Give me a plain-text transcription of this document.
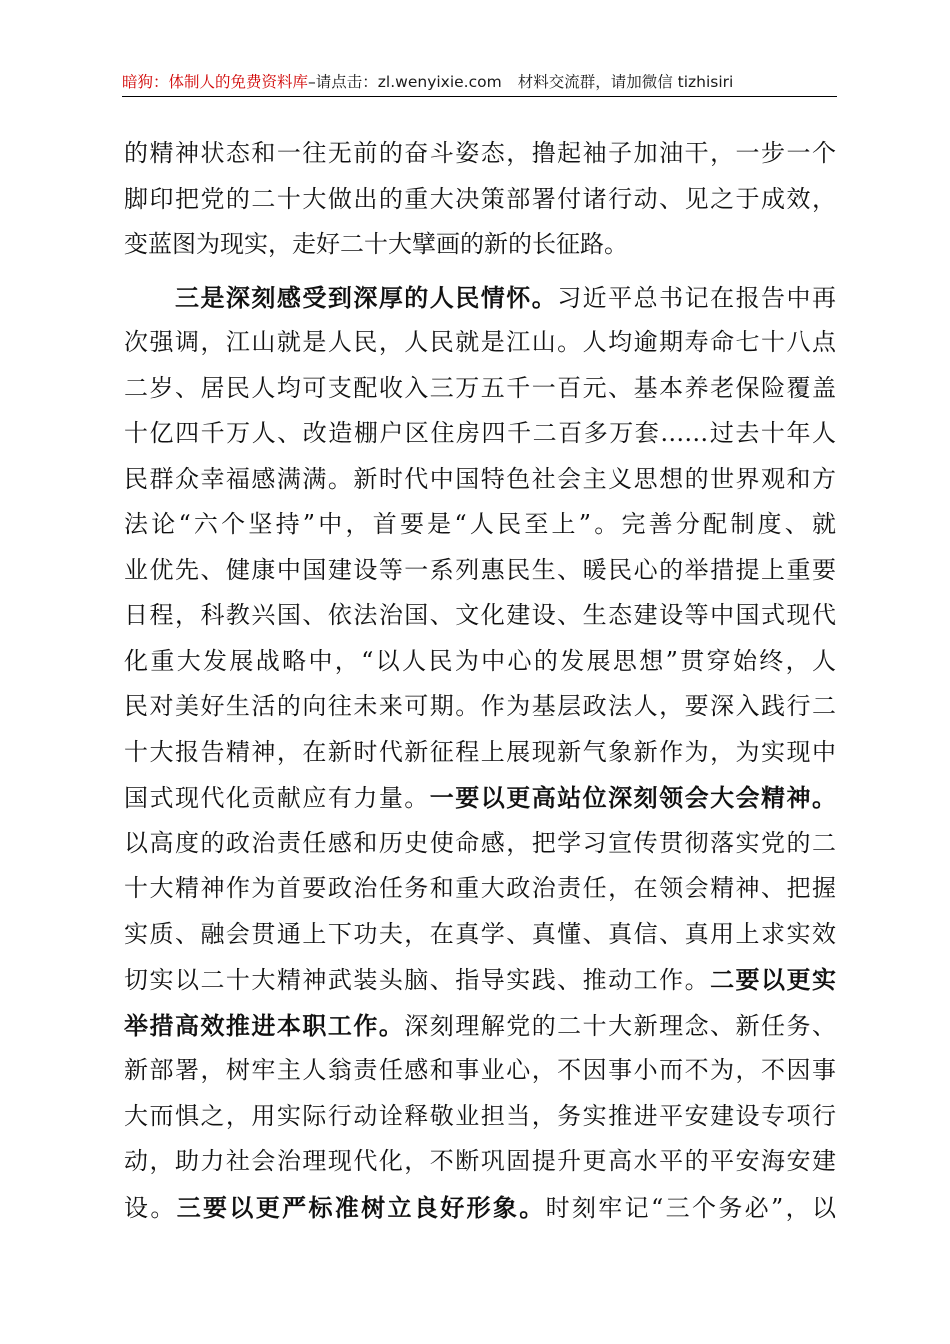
暗狗：体制人的免费资料库–请点击：zl.wenyixie.com 材料交流群，请加微信 tizhisiri
的精神状态和一往无前的奋斗姿态，撸起袖子加油干，一步一个
脚印把党的二十大做出的重大决策部署付诸行动、见之于成效，
变蓝图为现实，走好二十大擘画的新的长征路。
　　三是深刻感受到深厚的人民情怀。习近平总书记在报告中再
次强调，江山就是人民，人民就是江山。人均逾期寿命七十八点
二岁、居民人均可支配收入三万五千一百元、基本养老保险覆盖
十亿四千万人、改造棚户区住房四千二百多万套……过去十年人
民群众幸福感满满。新时代中国特色社会主义思想的世界观和方
法论“六个坚持”中，首要是“人民至上”。完善分配制度、就
业优先、健康中国建设等一系列惠民生、暖民心的举措提上重要
日程，科教兴国、依法治国、文化建设、生态建设等中国式现代
化重大发展战略中，“以人民为中心的发展思想”贯穿始终，人
民对美好生活的向往未来可期。作为基层政法人，要深入践行二
十大报告精神，在新时代新征程上展现新气象新作为，为实现中
国式现代化贡献应有力量。一要以更高站位深刻领会大会精神。
以高度的政治责任感和历史使命感，把学习宣传贯彻落实党的二
十大精神作为首要政治任务和重大政治责任，在领会精神、把握
实质、融会贯通上下功夫，在真学、真懂、真信、真用上求实效
切实以二十大精神武装头脑、指导实践、推动工作。二要以更实
举措高效推进本职工作。深刻理解党的二十大新理念、新任务、
新部署，树牢主人翁责任感和事业心，不因事小而不为，不因事
大而惧之，用实际行动诠释敬业担当，务实推进平安建设专项行
动，助力社会治理现代化，不断巩固提升更高水平的平安海安建
设。三要以更严标准树立良好形象。时刻牢记“三个务必”，以
